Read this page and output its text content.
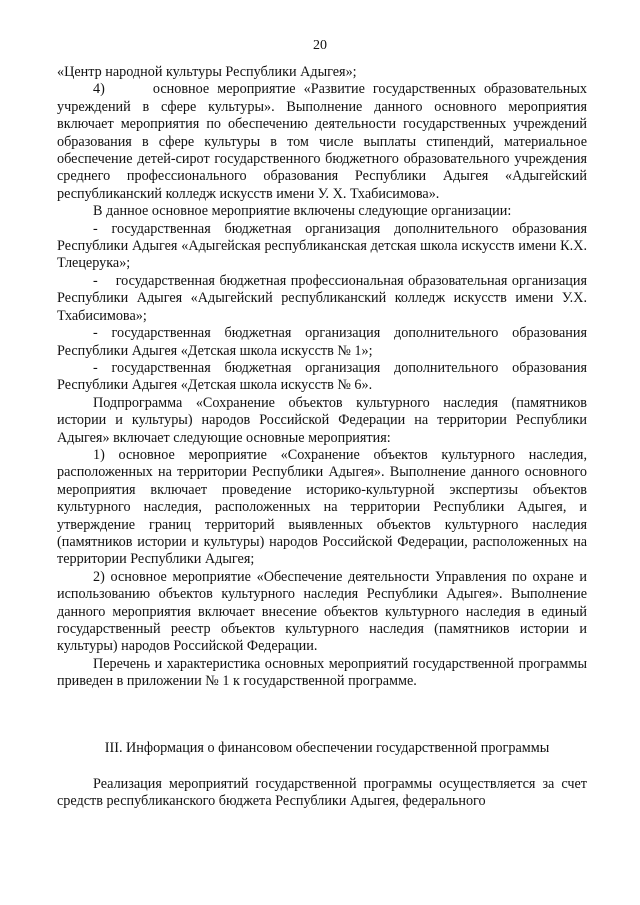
20

«Центр народной культуры Республики Адыгея»;

4)      основное мероприятие «Развитие государственных образовательных учреждений в сфере культуры». Выполнение данного основного мероприятия включает мероприятия по обеспечению деятельности государственных учреждений образования в сфере культуры в том числе выплаты стипендий, материальное обеспечение детей-сирот государственного бюджетного образовательного учреждения среднего профессионального образования Республики Адыгея «Адыгейский республиканский колледж искусств имени У. Х. Тхабисимова».

В данное основное мероприятие включены следующие организации:

- государственная бюджетная организация дополнительного образования Республики Адыгея «Адыгейская республиканская детская школа искусств имени К.Х. Тлецерука»;

-    государственная бюджетная профессиональная образовательная организация Республики Адыгея «Адыгейский республиканский колледж искусств имени У.Х. Тхабисимова»;

- государственная бюджетная организация дополнительного образования Республики Адыгея «Детская школа искусств № 1»;

- государственная бюджетная организация дополнительного образования Республики Адыгея «Детская школа искусств № 6».

Подпрограмма «Сохранение объектов культурного наследия (памятников истории и культуры) народов Российской Федерации на территории Республики Адыгея» включает следующие основные мероприятия:

1) основное мероприятие «Сохранение объектов культурного наследия, расположенных на территории Республики Адыгея». Выполнение данного основного мероприятия включает проведение историко-культурной экспертизы объектов культурного наследия, расположенных на территории Республики Адыгея, и утверждение границ территорий выявленных объектов культурного наследия (памятников истории и культуры) народов Российской Федерации, расположенных на территории Республики Адыгея;

2) основное мероприятие «Обеспечение деятельности Управления по охране и использованию объектов культурного наследия Республики Адыгея». Выполнение данного мероприятия включает внесение объектов культурного наследия в единый государственный реестр объектов культурного наследия (памятников истории и культуры) народов Российской Федерации.

Перечень и характеристика основных мероприятий государственной программы приведен в приложении № 1 к государственной программе.

III. Информация о финансовом обеспечении государственной программы

Реализация мероприятий государственной программы осуществляется за счет средств республиканского бюджета Республики Адыгея, федерального
